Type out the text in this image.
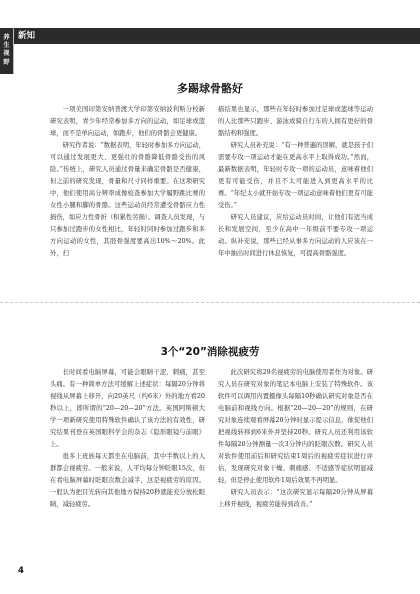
新知
养生视野
多踢球骨骼好

一项美国印第安纳普渡大学印第安纳波利斯分校新研究表明，青少年经常参加多方向的运动，如足球或篮球，而不是单向运动，如跑步，他们的骨骼会更健康。

研究作者说：“数据表明，年轻时参加多方向运动，可以通过发展更大、更强壮的骨骼降低骨骼受伤的风险。”传统上，研究人员通过骨量来确定骨骼是否健康，但之前的研究发现，骨量和尺寸同样重要。在这项研究中，他们使用高分辨率成像检查参加大学履野跳比赛的女性小腿和脚的骨骼。这些运动员经常遭受骨骼应力性损伤，如应力性骨折（积累性劳损）。调查人员发现，与只参加过跑步的女性相比，年轻时同时参加过跑步和多方向运动的女性，其胫骨强度要高出10%～20%。此外，扫

描结果也显示，那些在年轻时参加过足球或篮球等运动的人比那些只跑步、游泳或骑自行车的人拥有更好的骨骼结构和强度。

研究人员补充说：“有一种普遍的误解，就是孩子们需要专攻一项运动才能在更高水平上取得成功。”然而，最新数据表明，年轻时专攻一项的运动员，意味着他们更有可能受伤，并且不太可能进入到更高水平的比赛。“年纪太小就开始专攻一项运动意味着他们更有可能受伤。”

研究人员建议，应给运动员时间，让他们有适当成长和发展空间，至少在高中一年级前不要专攻一项运动。纵补充说，那些已经从事多方向运动的人应该在一年中抽出时间进行休息恢复，可提高骨骼强度。

3个“20”消除视疲劳

长时间看电脑屏幕，可能会眼睛干涩、刺痛，甚至头痛。有一种简单方法可缓解上述症状：每隔20分钟将视线从屏幕上移开，向20英尺（约6米）外的地方看20秒以上，即所谓的“20—20—20”方法。英国阿斯顿大学一项新研究使用特殊软件确认了该方法的有效性，研究结果刊登在英国眼科学会的杂志《隐形眼镜与前眼》上。

很多上班族每天都坐在电脑前，其中半数以上的人群都会视疲劳。一般来说，人平均每分钟眨眼15次，但在看电脑屏幕时眨眼次数会减半，这是视疲劳的原因。一般认为把目光转向其他地方保持20秒就能充分放松眼睛，减轻疲劳。

此次研究将29名视疲劳的电脑使用者作为对象。研究人员在研究对象的笔记本电脑上安装了特殊软件。该软件可以调用内置摄像头每隔10秒确认研究对象是否在电脑前和视线方向。根据“20—20—20”的规则，在研究对象连续观看屏幕20分钟时显示提示信息，催促他们把视线转移到6米外并坚持20秒。研究人员还利用该软件每隔20分钟测量一次3分钟内的眨眼次数。研究人员对软件使用前后和研究结束1周后的视疲劳症状进行评估，发现研究对象干燥、刺痛感、不适感等症状明显减轻，但是停止使用软件1周后效果不再明显。

研究人员表示：“这次研究显示每隔20分钟从屏幕上移开视线，视疲劳能得到改善。”

4
